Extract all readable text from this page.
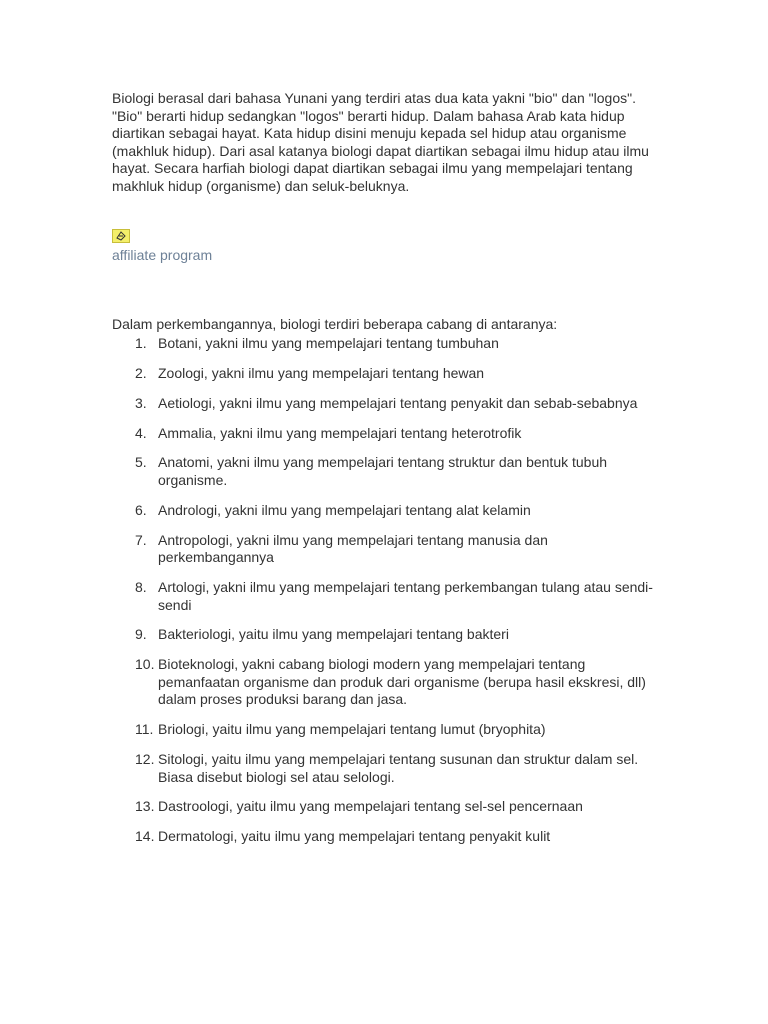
Biologi berasal dari bahasa Yunani yang terdiri atas dua kata yakni "bio" dan "logos". "Bio" berarti hidup sedangkan "logos" berarti hidup. Dalam bahasa Arab kata hidup diartikan sebagai hayat. Kata hidup disini menuju kepada sel hidup atau organisme (makhluk hidup). Dari asal katanya biologi dapat diartikan sebagai ilmu hidup atau ilmu hayat. Secara harfiah biologi dapat diartikan sebagai ilmu yang mempelajari tentang makhluk hidup (organisme) dan seluk-beluknya.

affiliate program

Dalam perkembangannya, biologi terdiri beberapa cabang di antaranya:

1. Botani, yakni ilmu yang mempelajari tentang tumbuhan
2. Zoologi, yakni ilmu yang mempelajari tentang hewan
3. Aetiologi, yakni ilmu yang mempelajari tentang penyakit dan sebab-sebabnya
4. Ammalia, yakni ilmu yang mempelajari tentang heterotrofik
5. Anatomi, yakni ilmu yang mempelajari tentang struktur dan bentuk tubuh organisme.
6. Andrologi, yakni ilmu yang mempelajari tentang alat kelamin
7. Antropologi, yakni ilmu yang mempelajari tentang manusia dan perkembangannya
8. Artologi, yakni ilmu yang mempelajari tentang perkembangan tulang atau sendi-sendi
9. Bakteriologi, yaitu ilmu yang mempelajari tentang bakteri
10. Bioteknologi, yakni cabang biologi modern yang mempelajari tentang pemanfaatan organisme dan produk dari organisme (berupa hasil ekskresi, dll) dalam proses produksi barang dan jasa.
11. Briologi, yaitu ilmu yang mempelajari tentang lumut (bryophita)
12. Sitologi, yaitu ilmu yang mempelajari tentang susunan dan struktur dalam sel. Biasa disebut biologi sel atau selologi.
13. Dastroologi, yaitu ilmu yang mempelajari tentang sel-sel pencernaan
14. Dermatologi, yaitu ilmu yang mempelajari tentang penyakit kulit
